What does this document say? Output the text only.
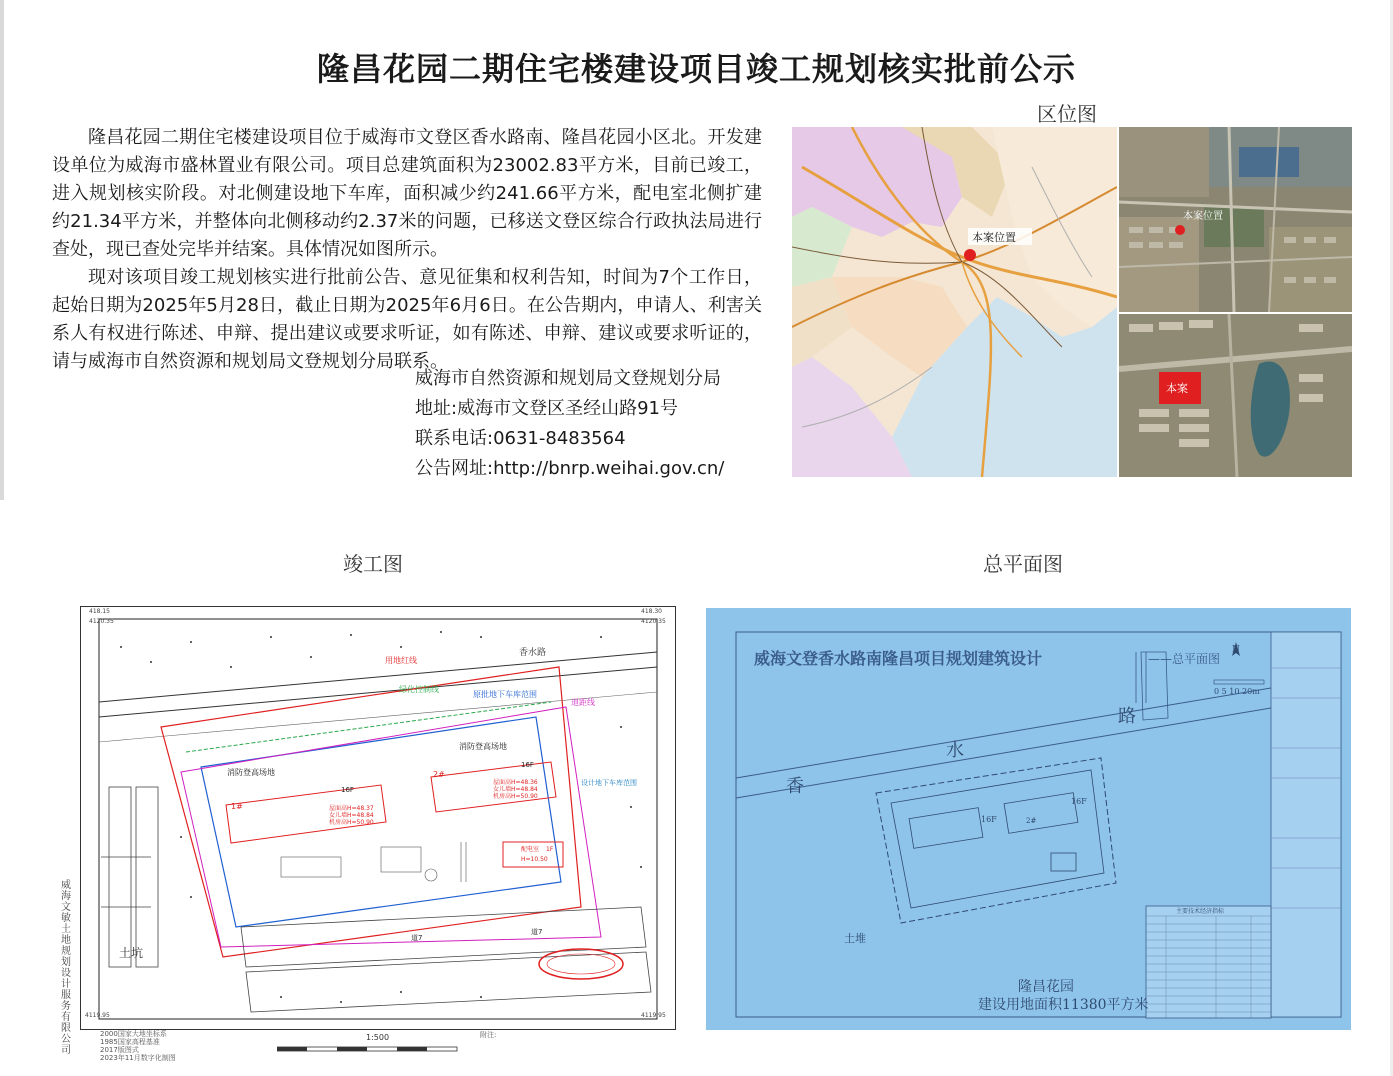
隆昌花园二期住宅楼建设项目竣工规划核实批前公示
区位图

隆昌花园二期住宅楼建设项目位于威海市文登区香水路南、隆昌花园小区北。开发建设单位为威海市盛林置业有限公司。项目总建筑面积为23002.83平方米，目前已竣工，进入规划核实阶段。对北侧建设地下车库，面积减少约241.66平方米，配电室北侧扩建约21.34平方米，并整体向北侧移动约2.37米的问题，已移送文登区综合行政执法局进行查处，现已查处完毕并结案。具体情况如图所示。

现对该项目竣工规划核实进行批前公告、意见征集和权利告知，时间为7个工作日，起始日期为2025年5月28日，截止日期为2025年6月6日。在公告期内，申请人、利害关系人有权进行陈述、申辩、提出建议或要求听证，如有陈述、申辩、建议或要求听证的，请与威海市自然资源和规划局文登规划分局联系。

威海市自然资源和规划局文登规划分局
地址:威海市文登区圣经山路91号
联系电话:0631-8483564
公告网址:http://bnrp.weihai.gov.cn/
本案位置
本案位置
本案
竣工图	总平面图
418.15	418.30
4120.35	4120.35
4119.95	4119.95
香水路
土坑
用地红线
绿化控制线
原批地下车库范围
设计地下车库范围
退距线
消防登高场地
消防登高场地
1#
16F
屋面高H=48.37
女儿墙H=48.84
机房高H=50.90
2#
16F
屋面高H=48.36
女儿墙H=48.84
机房高H=50.90
配电室 1F
H=10.50
道7
道7
威海文敏土地规划设计服务有限公司
2000国家大地坐标系
1985国家高程基准
2017版图式
2023年11月数字化制图
1:500	附注:
N
0 5 10 20m
16F
16F
2#
主要技术经济指标
威海文登香水路南隆昌项目规划建筑设计	——总平面图
香
水
路
土堆
隆昌花园
建设用地面积11380平方米
